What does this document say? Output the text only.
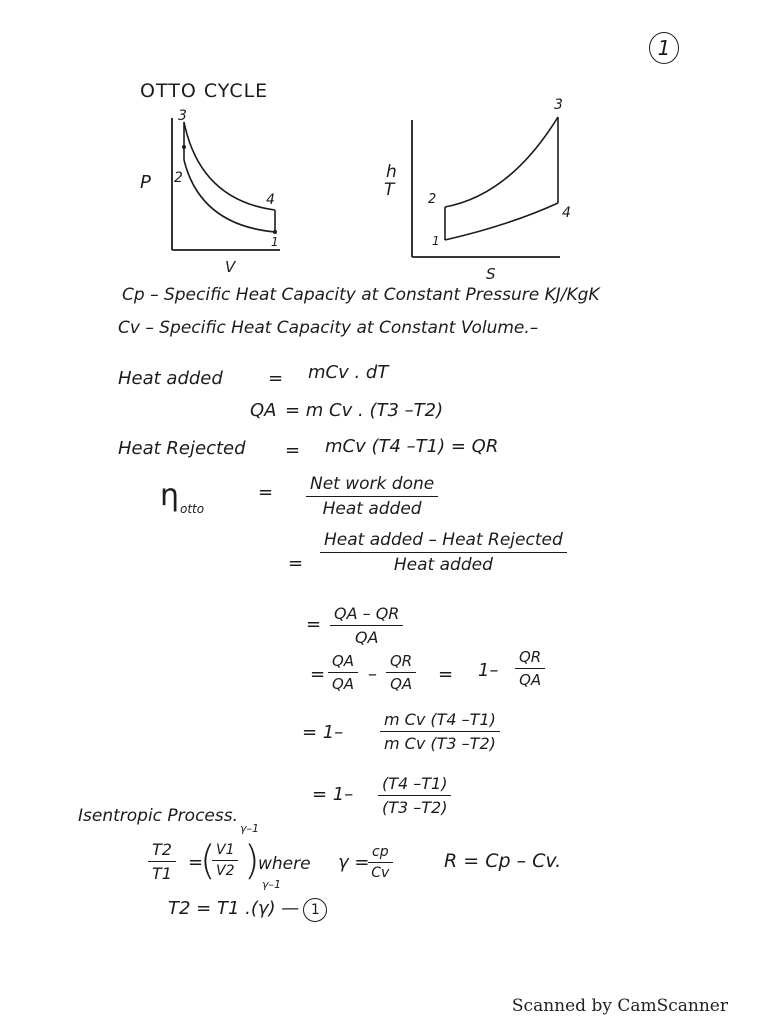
1
OTTO CYCLE
3
2
4
1
P
V
3
2
4
1
h
T
S
Cp – Specific Heat Capacity at Constant Pressure KJ/KgK
Cv – Specific Heat Capacity at Constant Volume.–
Heat added	= mCv . dT
QA = m Cv . (T3 –T2)
Heat Rejected = mCv (T4 –T1) = QR
η otto
= Net work done
Heat added
=
Heat added – Heat Rejected
Heat added
= $\frac{QA - QR}{QA}$
= $\frac{QA}{QA} - \frac{QR}{QA} = 1- \frac{QR}{QA}$
= $1- \frac{\text{m Cv (T4 –T1)}}{\text{m Cv (T3 –T2)}}$
= $1- \frac{(T4 -T1)}{(T3 -T2)}$
Isentropic Process.
γ–1
$\frac{T2}{T1}$ =
(
$\frac{V1}{V2}$ )
where
γ–1
γ =
$\frac{cp}{Cv}$	R = Cp – Cv.
T2 = T1 .(γ) — 1
Scanned by CamScanner
